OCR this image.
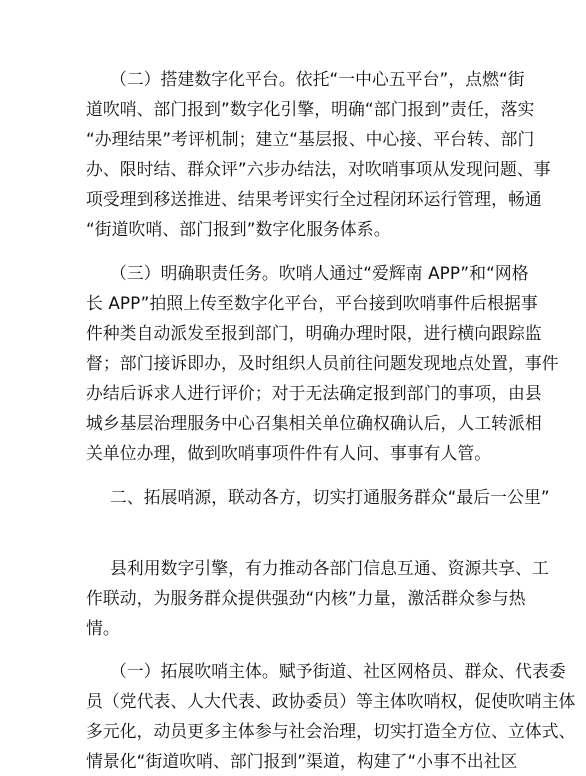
（二）搭建数字化平台。依托“一中心五平台”，点燃“街
道吹哨、部门报到”数字化引擎，明确“部门报到”责任，落实
“办理结果”考评机制；建立“基层报、中心接、平台转、部门
办、限时结、群众评”六步办结法，对吹哨事项从发现问题、事
项受理到移送推进、结果考评实行全过程闭环运行管理，畅通
“街道吹哨、部门报到”数字化服务体系。
（三）明确职责任务。吹哨人通过“爱辉南 APP”和“网格
长 APP”拍照上传至数字化平台，平台接到吹哨事件后根据事
件种类自动派发至报到部门，明确办理时限，进行横向跟踪监
督；部门接诉即办，及时组织人员前往问题发现地点处置，事件
办结后诉求人进行评价；对于无法确定报到部门的事项，由县
城乡基层治理服务中心召集相关单位确权确认后，人工转派相
关单位办理，做到吹哨事项件件有人问、事事有人管。
二、拓展哨源，联动各方，切实打通服务群众“最后一公里”
县利用数字引擎，有力推动各部门信息互通、资源共享、工
作联动，为服务群众提供强劲“内核”力量，激活群众参与热
情。
（一）拓展吹哨主体。赋予街道、社区网格员、群众、代表委
员（党代表、人大代表、政协委员）等主体吹哨权，促使吹哨主体
多元化，动员更多主体参与社会治理，切实打造全方位、立体式、
情景化“街道吹哨、部门报到”渠道，构建了“小事不出社区
